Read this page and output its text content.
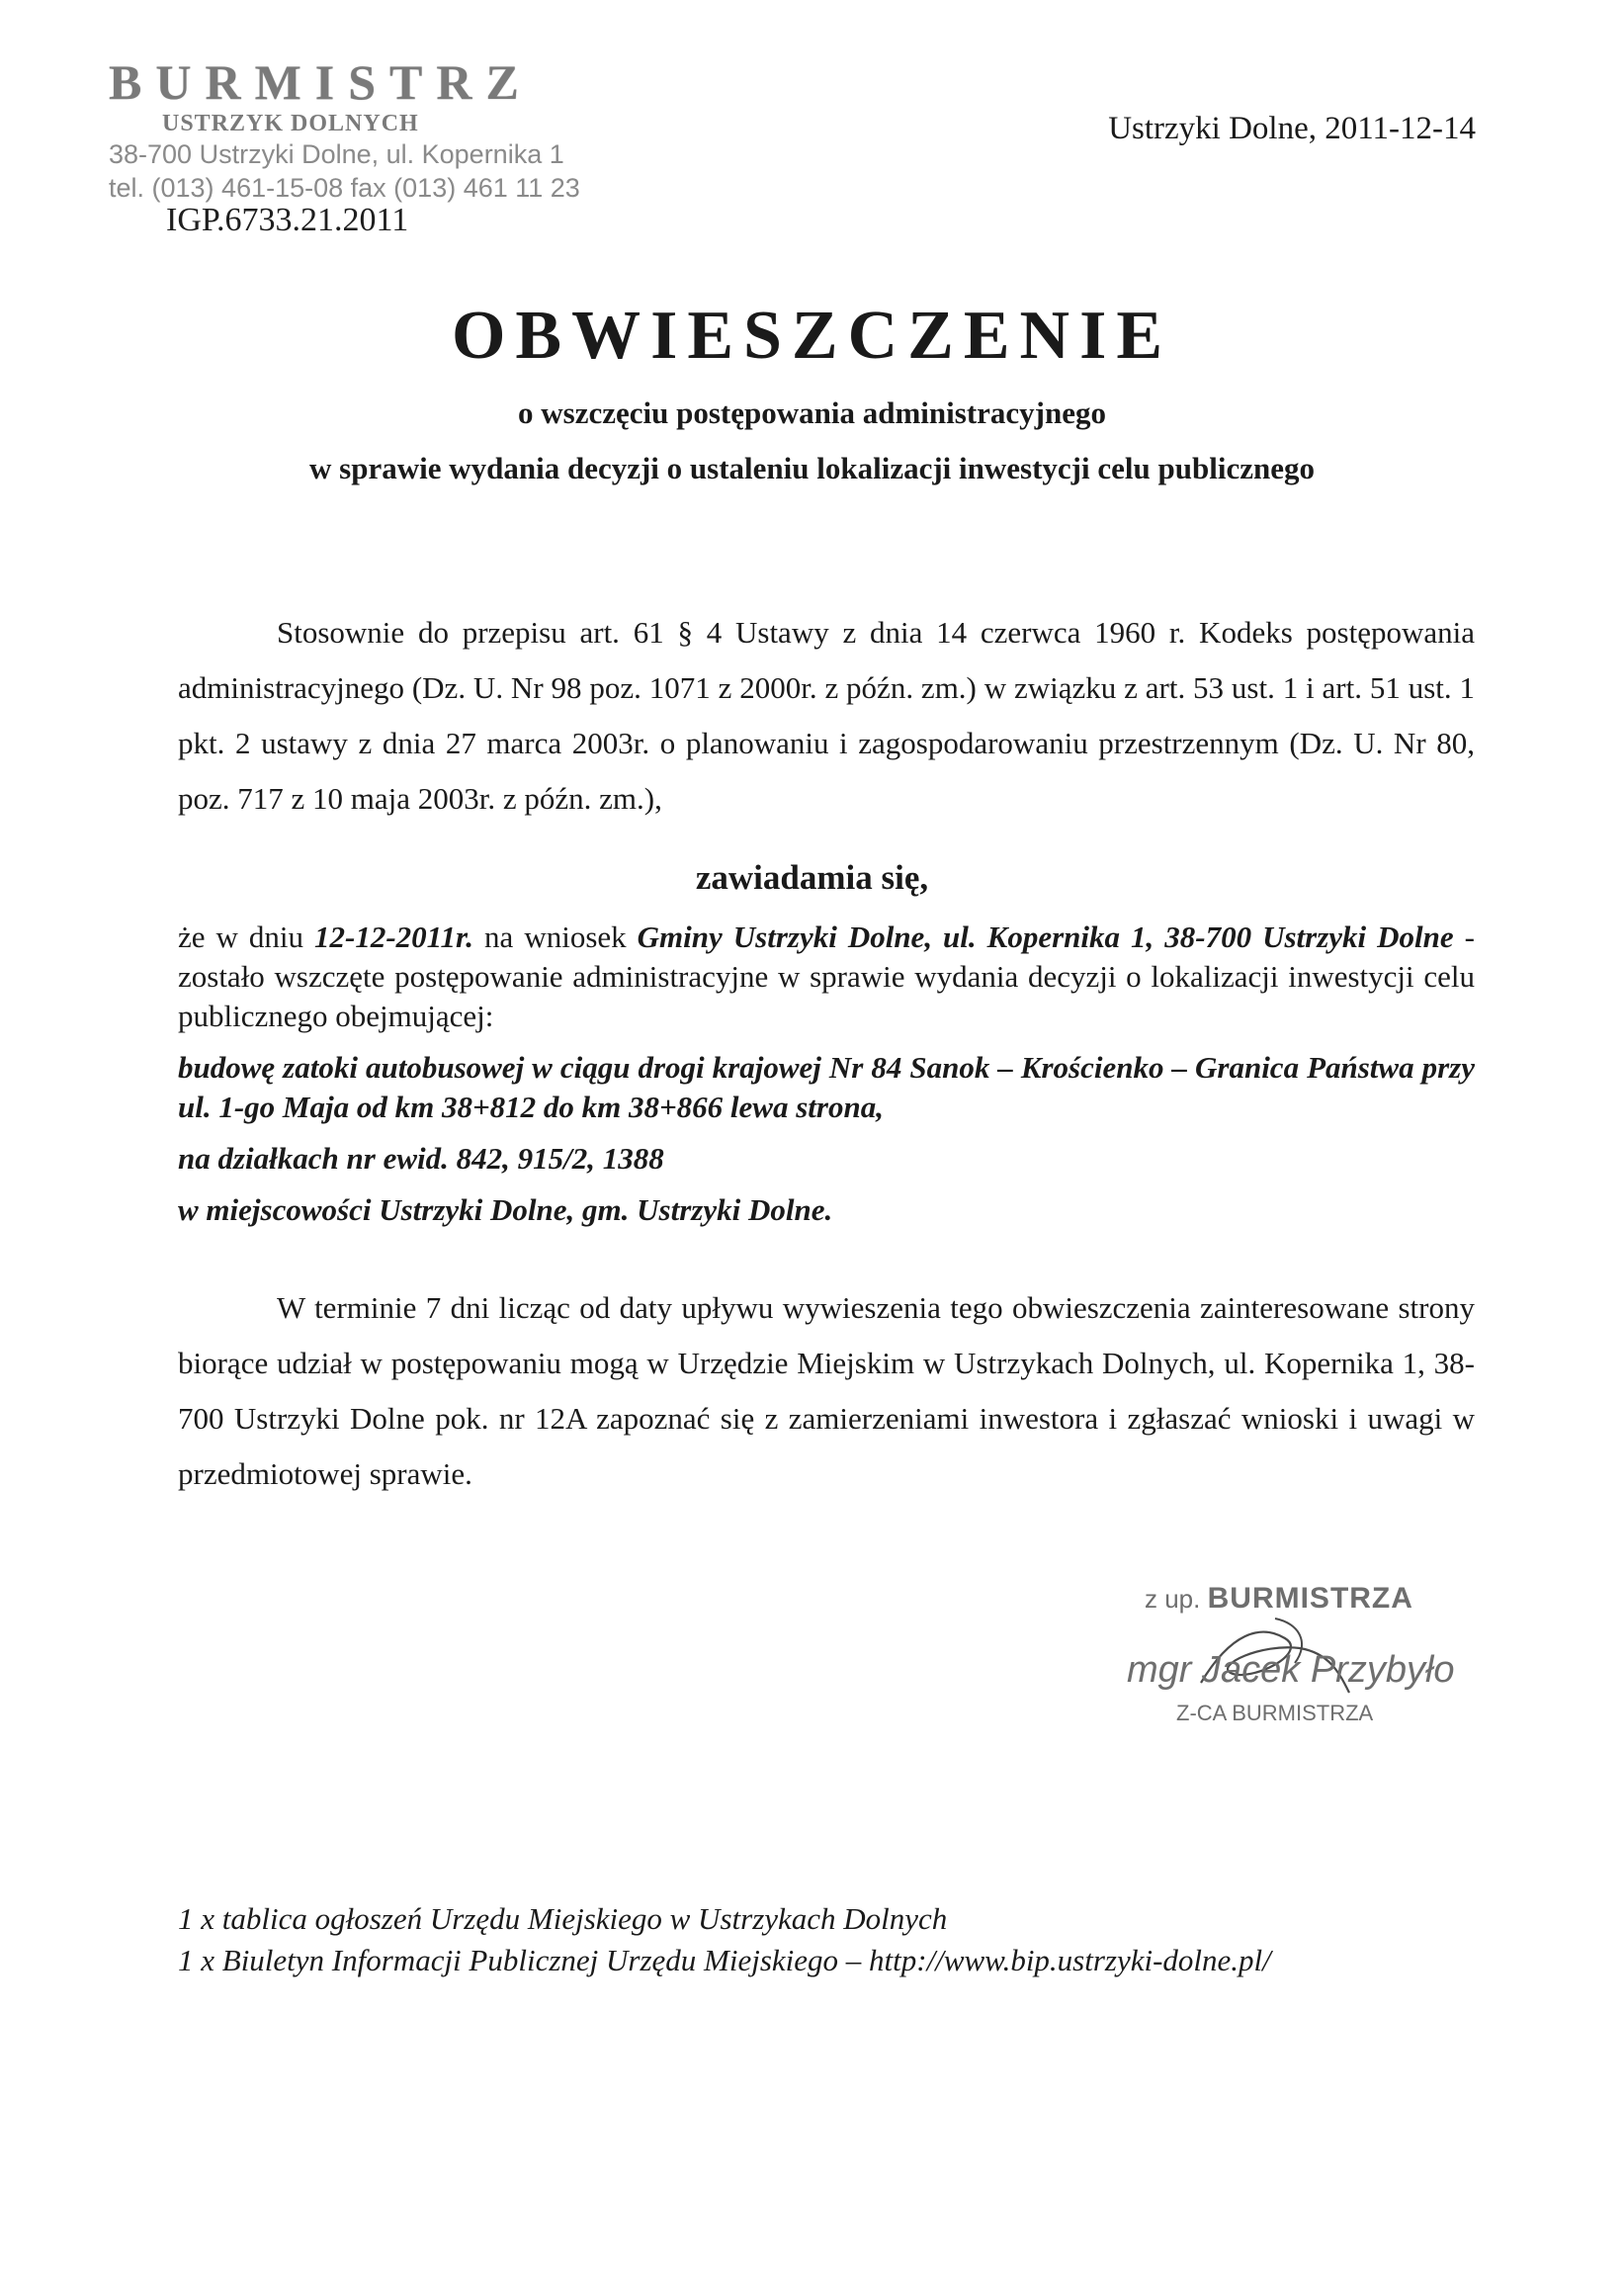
BURMISTRZ
USTRZYK DOLNYCH
38-700 Ustrzyki Dolne, ul. Kopernika 1
tel. (013) 461-15-08 fax (013) 461 11 23
IGP.6733.21.2011
Ustrzyki Dolne, 2011-12-14
OBWIESZCZENIE
o wszczęciu postępowania administracyjnego
w sprawie wydania decyzji o ustaleniu lokalizacji inwestycji celu publicznego
Stosownie do przepisu art. 61 § 4 Ustawy z dnia 14 czerwca 1960 r. Kodeks postępowania administracyjnego (Dz. U. Nr 98 poz. 1071 z 2000r. z późn. zm.) w związku z art. 53 ust. 1 i art. 51 ust. 1 pkt. 2 ustawy z dnia 27 marca 2003r. o planowaniu i zagospodarowaniu przestrzennym (Dz. U. Nr 80, poz. 717 z 10 maja 2003r. z późn. zm.),
zawiadamia się,
że w dniu 12-12-2011r. na wniosek Gminy Ustrzyki Dolne, ul. Kopernika 1, 38-700 Ustrzyki Dolne - zostało wszczęte postępowanie administracyjne w sprawie wydania decyzji o lokalizacji inwestycji celu publicznego obejmującej:
budowę zatoki autobusowej w ciągu drogi krajowej Nr 84 Sanok – Krościenko – Granica Państwa przy ul. 1-go Maja od km 38+812 do km 38+866 lewa strona,
na działkach nr ewid. 842, 915/2, 1388
w miejscowości Ustrzyki Dolne, gm. Ustrzyki Dolne.
W terminie 7 dni licząc od daty upływu wywieszenia tego obwieszczenia zainteresowane strony biorące udział w postępowaniu mogą w Urzędzie Miejskim w Ustrzykach Dolnych, ul. Kopernika 1, 38-700 Ustrzyki Dolne pok. nr 12A zapoznać się z zamierzeniami inwestora i zgłaszać wnioski i uwagi w przedmiotowej sprawie.
z up. BURMISTRZA
mgr Jacek Przybyło
Z-CA BURMISTRZA
1 x tablica ogłoszeń Urzędu Miejskiego w Ustrzykach Dolnych
1 x Biuletyn Informacji Publicznej Urzędu Miejskiego – http://www.bip.ustrzyki-dolne.pl/
